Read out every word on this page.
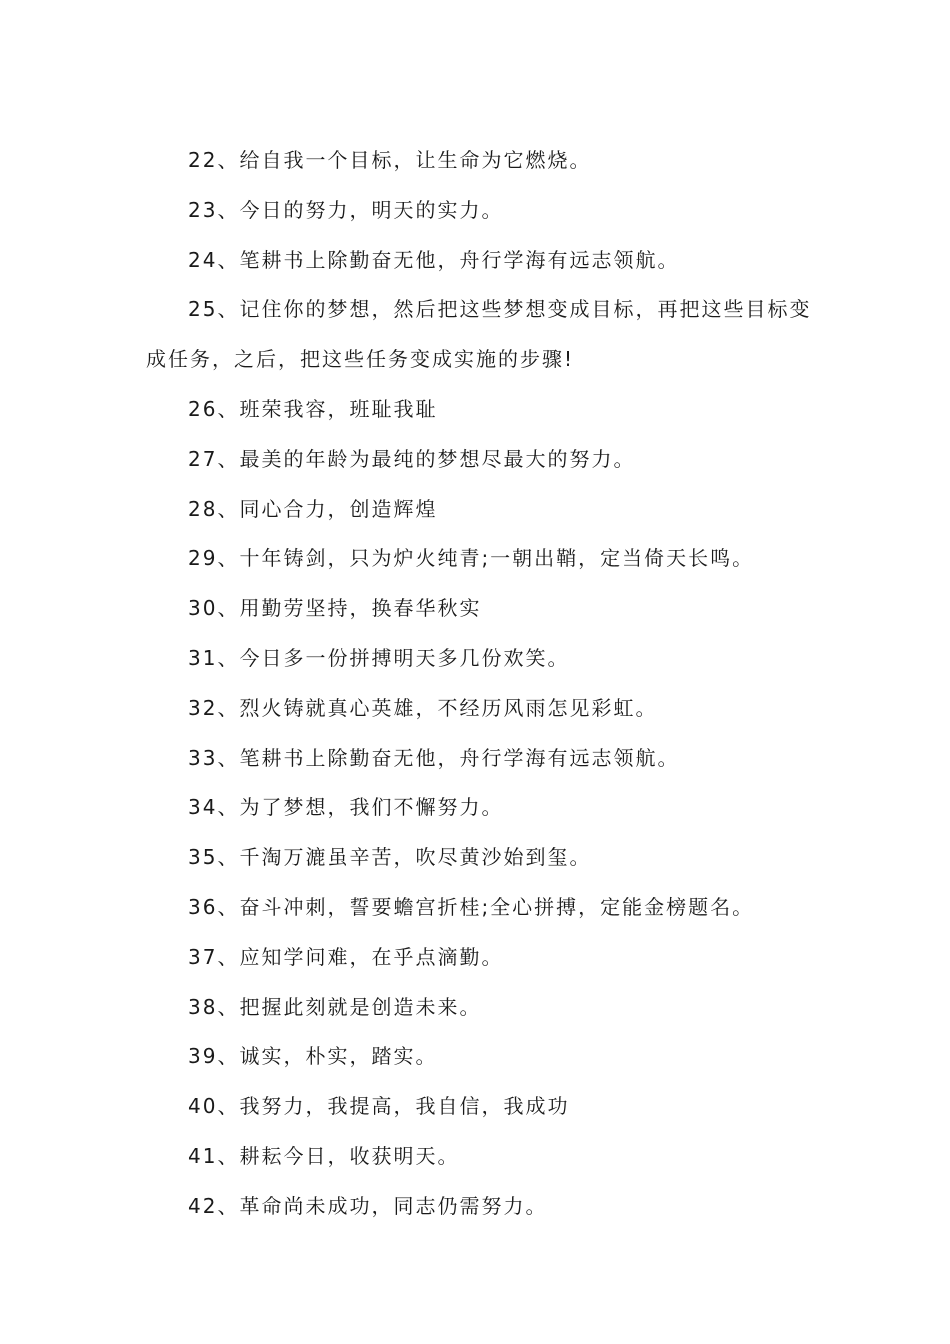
22、给自我一个目标，让生命为它燃烧。

23、今日的努力，明天的实力。

24、笔耕书上除勤奋无他，舟行学海有远志领航。

25、记住你的梦想，然后把这些梦想变成目标，再把这些目标变成任务，之后，把这些任务变成实施的步骤!

26、班荣我容，班耻我耻

27、最美的年龄为最纯的梦想尽最大的努力。

28、同心合力，创造辉煌

29、十年铸剑，只为炉火纯青;一朝出鞘，定当倚天长鸣。

30、用勤劳坚持，换春华秋实

31、今日多一份拼搏明天多几份欢笑。

32、烈火铸就真心英雄，不经历风雨怎见彩虹。

33、笔耕书上除勤奋无他，舟行学海有远志领航。

34、为了梦想，我们不懈努力。

35、千淘万漉虽辛苦，吹尽黄沙始到玺。

36、奋斗冲刺，誓要蟾宫折桂;全心拼搏，定能金榜题名。

37、应知学问难，在乎点滴勤。

38、把握此刻就是创造未来。

39、诚实，朴实，踏实。

40、我努力，我提高，我自信，我成功

41、耕耘今日，收获明天。

42、革命尚未成功，同志仍需努力。
